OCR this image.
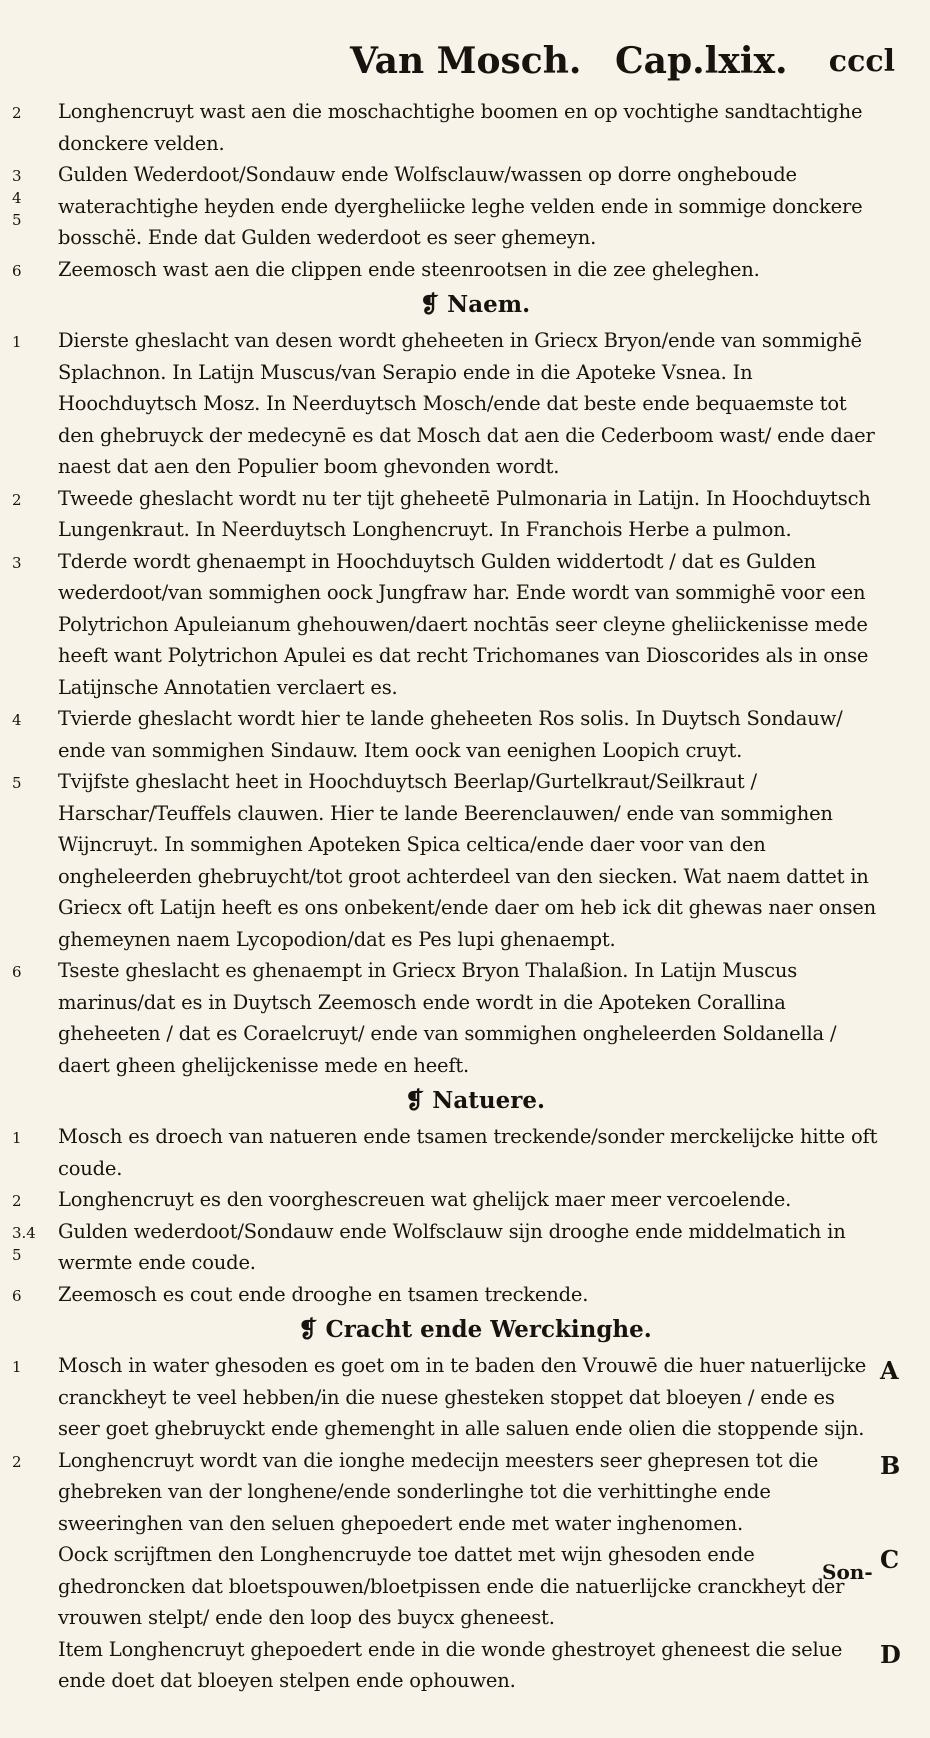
Van Mosch. Cap.lxix. cccl
2	Longhencruyt wast aen die moschachtighe boomen en op vochtighe sandtachtighe donckere velden.

3
4
5

Gulden Wederdoot/Sondauw ende Wolfsclauw/wassen op dorre ongheboude waterachtighe heyden ende dyergheliicke leghe velden ende in sommige donckere bosschë. Ende dat Gulden wederdoot es seer ghemeyn.

6	Zeemosch wast aen die clippen ende steenrootsen in die zee gheleghen.

❡ Naem.
1	Dierste gheslacht van desen wordt gheheeten in Griecx Bryon/ende van sommighē Splachnon. In Latijn Muscus/van Serapio ende in die Apoteke Vsnea. In Hoochduytsch Mosz. In Neerduytsch Mosch/ende dat beste ende bequaemste tot den ghebruyck der medecynē es dat Mosch dat aen die Cederboom wast/ ende daer naest dat aen den Populier boom ghevonden wordt.

2	Tweede gheslacht wordt nu ter tijt gheheetē Pulmonaria in Latijn. In Hoochduytsch Lungenkraut. In Neerduytsch Longhencruyt. In Franchois Herbe a pulmon.

3	Tderde wordt ghenaempt in Hoochduytsch Gulden widdertodt / dat es Gulden wederdoot/van sommighen oock Jungfraw har. Ende wordt van sommighē voor een Polytrichon Apuleianum ghehouwen/daert nochtās seer cleyne gheliickenisse mede heeft want Polytrichon Apulei es dat recht Trichomanes van Dioscorides als in onse Latijnsche Annotatien verclaert es.

4	Tvierde gheslacht wordt hier te lande gheheeten Ros solis. In Duytsch Sondauw/ ende van sommighen Sindauw. Item oock van eenighen Loopich cruyt.

5	Tvijfste gheslacht heet in Hoochduytsch Beerlap/Gurtelkraut/Seilkraut / Harschar/Teuffels clauwen. Hier te lande Beerenclauwen/ ende van sommighen Wijncruyt. In sommighen Apoteken Spica celtica/ende daer voor van den ongheleerden ghebruycht/tot groot achterdeel van den siecken. Wat naem dattet in Griecx oft Latijn heeft es ons onbekent/ende daer om heb ick dit ghewas naer onsen ghemeynen naem Lycopodion/dat es Pes lupi ghenaempt.

6	Tseste gheslacht es ghenaempt in Griecx Bryon Thalaßion. In Latijn Muscus marinus/dat es in Duytsch Zeemosch ende wordt in die Apoteken Corallina gheheeten / dat es Coraelcruyt/ ende van sommighen ongheleerden Soldanella / daert gheen ghelijckenisse mede en heeft.

❡ Natuere.
1	Mosch es droech van natueren ende tsamen treckende/sonder merckelijcke hitte oft coude.

2	Longhencruyt es den voorghescreuen wat ghelijck maer meer vercoelende.

3.4
5

Gulden wederdoot/Sondauw ende Wolfsclauw sijn drooghe ende middelmatich in wermte ende coude.

6	Zeemosch es cout ende drooghe en tsamen treckende.

❡ Cracht ende Werckinghe.
1	A

Mosch in water ghesoden es goet om in te baden den Vrouwē die huer natuerlijcke cranckheyt te veel hebben/in die nuese ghesteken stoppet dat bloeyen / ende es seer goet ghebruyckt ende ghemenght in alle saluen ende olien die stoppende sijn.

2	B

Longhencruyt wordt van die ionghe medecijn meesters seer ghepresen tot die ghebreken van der longhene/ende sonderlinghe tot die verhittinghe ende sweeringhen van den seluen ghepoedert ende met water inghenomen.

C

Oock scrijftmen den Longhencruyde toe dattet met wijn ghesoden ende ghedroncken dat bloetspouwen/bloetpissen ende die natuerlijcke cranckheyt der vrouwen stelpt/ ende den loop des buycx gheneest.

D

Item Longhencruyt ghepoedert ende in die wonde ghestroyet gheneest die selue ende doet dat bloeyen stelpen ende ophouwen.

Son-
